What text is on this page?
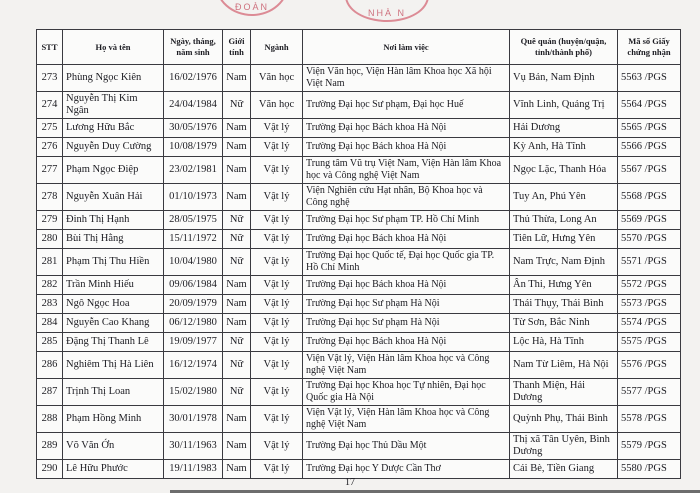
ĐOÀN
NHÀ N
STT	Họ và tên	Ngày, tháng, năm sinh	Giới tính	Ngành	Nơi làm việc	Quê quán (huyện/quận, tỉnh/thành phố)	Mã số Giấy chứng nhận
273	Phùng Ngọc Kiên	16/02/1976	Nam	Văn học	Viện Văn học, Viện Hàn lâm Khoa học Xã hội Việt Nam	Vụ Bản, Nam Định	5563 /PGS
274	Nguyễn Thị Kim Ngân	24/04/1984	Nữ	Văn học	Trường Đại học Sư phạm, Đại học Huế	Vĩnh Linh, Quảng Trị	5564 /PGS
275	Lương Hữu Bắc	30/05/1976	Nam	Vật lý	Trường Đại học Bách khoa Hà Nội	Hải Dương	5565 /PGS
276	Nguyễn Duy Cường	10/08/1979	Nam	Vật lý	Trường Đại học Bách khoa Hà Nội	Kỳ Anh, Hà Tĩnh	5566 /PGS
277	Phạm Ngọc Điệp	23/02/1981	Nam	Vật lý	Trung tâm Vũ trụ Việt Nam, Viện Hàn lâm Khoa học và Công nghệ Việt Nam	Ngọc Lặc, Thanh Hóa	5567 /PGS
278	Nguyễn Xuân Hải	01/10/1973	Nam	Vật lý	Viện Nghiên cứu Hạt nhân, Bộ Khoa học và Công nghệ	Tuy An, Phú Yên	5568 /PGS
279	Đinh Thị Hạnh	28/05/1975	Nữ	Vật lý	Trường Đại học Sư phạm TP. Hồ Chí Minh	Thủ Thừa, Long An	5569 /PGS
280	Bùi Thị Hằng	15/11/1972	Nữ	Vật lý	Trường Đại học Bách khoa Hà Nội	Tiên Lữ, Hưng Yên	5570 /PGS
281	Phạm Thị Thu Hiền	10/04/1980	Nữ	Vật lý	Trường Đại học Quốc tế, Đại học Quốc gia TP. Hồ Chí Minh	Nam Trực, Nam Định	5571 /PGS
282	Trần Minh Hiếu	09/06/1984	Nam	Vật lý	Trường Đại học Bách khoa Hà Nội	Ân Thi, Hưng Yên	5572 /PGS
283	Ngô Ngọc Hoa	20/09/1979	Nam	Vật lý	Trường Đại học Sư phạm Hà Nội	Thái Thụy, Thái Bình	5573 /PGS
284	Nguyễn Cao Khang	06/12/1980	Nam	Vật lý	Trường Đại học Sư phạm Hà Nội	Từ Sơn, Bắc Ninh	5574 /PGS
285	Đặng Thị Thanh Lê	19/09/1977	Nữ	Vật lý	Trường Đại học Bách khoa Hà Nội	Lộc Hà, Hà Tĩnh	5575 /PGS
286	Nghiêm Thị Hà Liên	16/12/1974	Nữ	Vật lý	Viện Vật lý, Viện Hàn lâm Khoa học và Công nghệ Việt Nam	Nam Từ Liêm, Hà Nội	5576 /PGS
287	Trịnh Thị Loan	15/02/1980	Nữ	Vật lý	Trường Đại học Khoa học Tự nhiên, Đại học Quốc gia Hà Nội	Thanh Miện, Hải Dương	5577 /PGS
288	Phạm Hồng Minh	30/01/1978	Nam	Vật lý	Viện Vật lý, Viện Hàn lâm Khoa học và Công nghệ Việt Nam	Quỳnh Phụ, Thái Bình	5578 /PGS
289	Võ Văn Ớn	30/11/1963	Nam	Vật lý	Trường Đại học Thủ Dầu Một	Thị xã Tân Uyên, Bình Dương	5579 /PGS
290	Lê Hữu Phước	19/11/1983	Nam	Vật lý	Trường Đại học Y Dược Cần Thơ	Cái Bè, Tiền Giang	5580 /PGS
17
